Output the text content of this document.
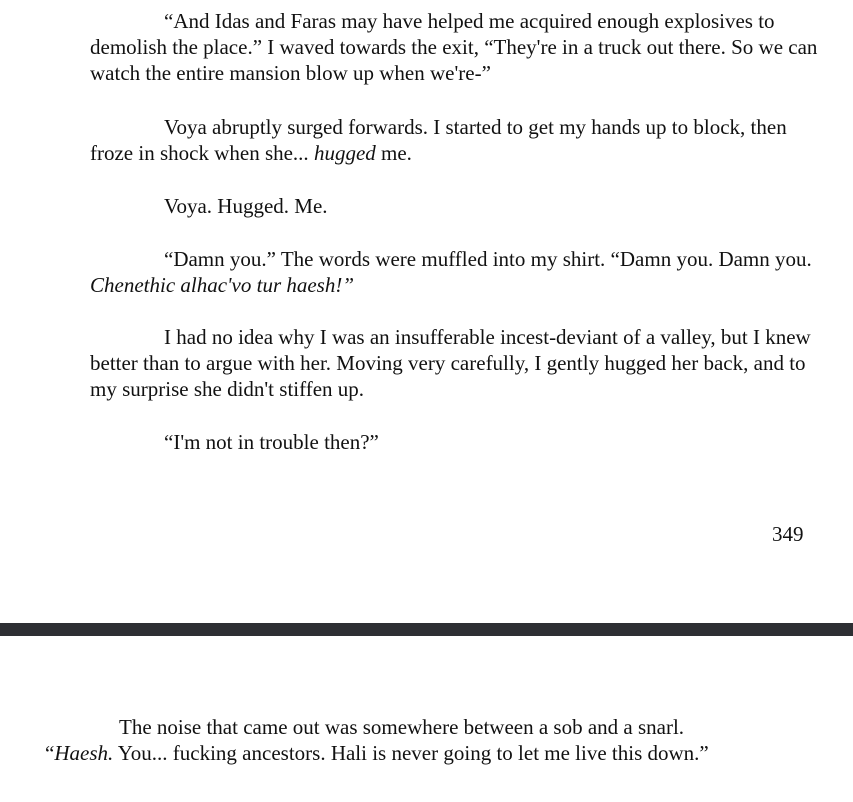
“And Idas and Faras may have helped me acquired enough explosives to demolish the place.” I waved towards the exit, “They're in a truck out there. So we can watch the entire mansion blow up when we're-”

Voya abruptly surged forwards. I started to get my hands up to block, then froze in shock when she... hugged me.

Voya. Hugged. Me.

“Damn you.” The words were muffled into my shirt. “Damn you. Damn you. Chenethic alhac'vo tur haesh!”

I had no idea why I was an insufferable incest-deviant of a valley, but I knew better than to argue with her. Moving very carefully, I gently hugged her back, and to my surprise she didn't stiffen up.

“I'm not in trouble then?”

349

The noise that came out was somewhere between a sob and a snarl. “Haesh. You... fucking ancestors. Hali is never going to let me live this down.”
